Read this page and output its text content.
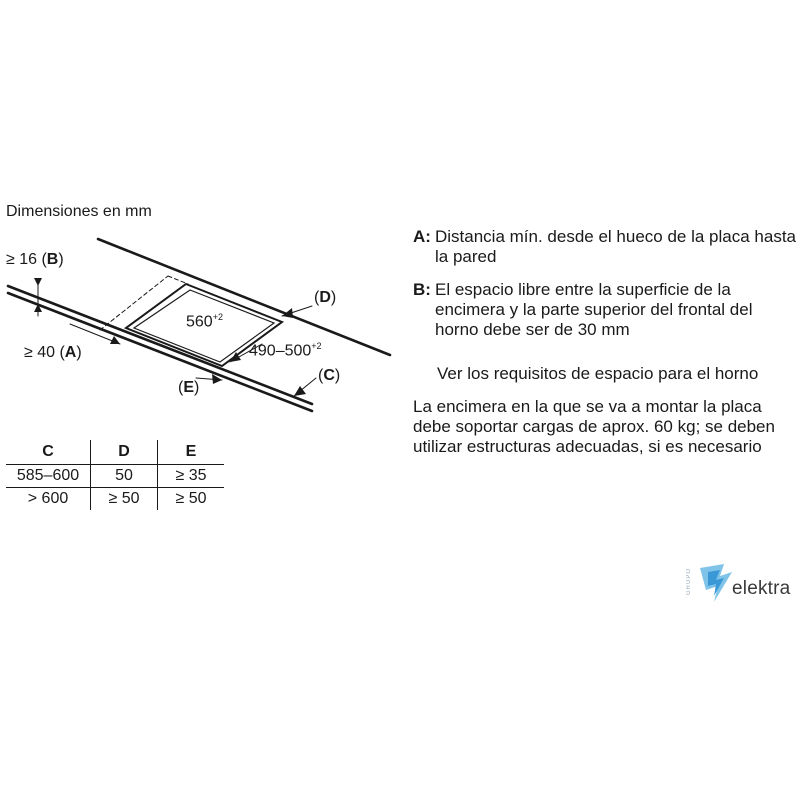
Dimensiones en mm
≥ 16 (B)
≥ 40 (A)
(D)
(C)
(E)
$560^{+2}$
$490-500^{+2}$
A: Distancia mín. desde el hueco de la placa hasta la pared
B: El espacio libre entre la superficie de la encimera y la parte superior del frontal del horno debe ser de 30 mm
Ver los requisitos de espacio para el horno
La encimera en la que se va a montar la placa debe soportar cargas de aprox. 60 kg; se deben utilizar estructuras adecuadas, si es necesario
C	D	E
585–600	50	≥ 35
> 600	≥ 50	≥ 50
GRUPO elektra
